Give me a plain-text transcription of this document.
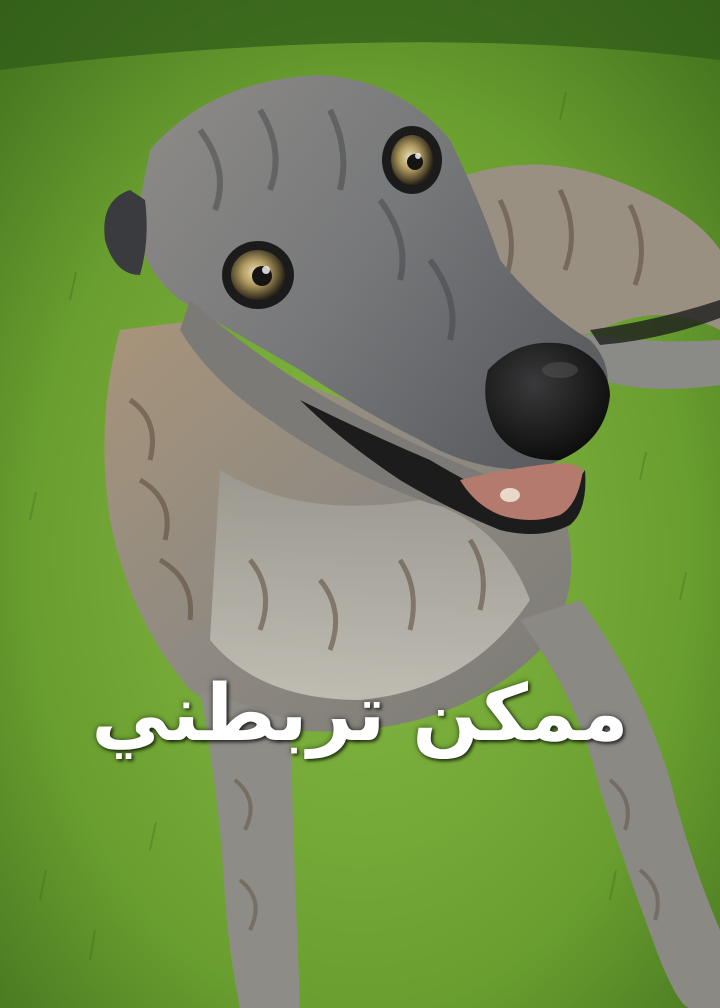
ممكن تربطني
